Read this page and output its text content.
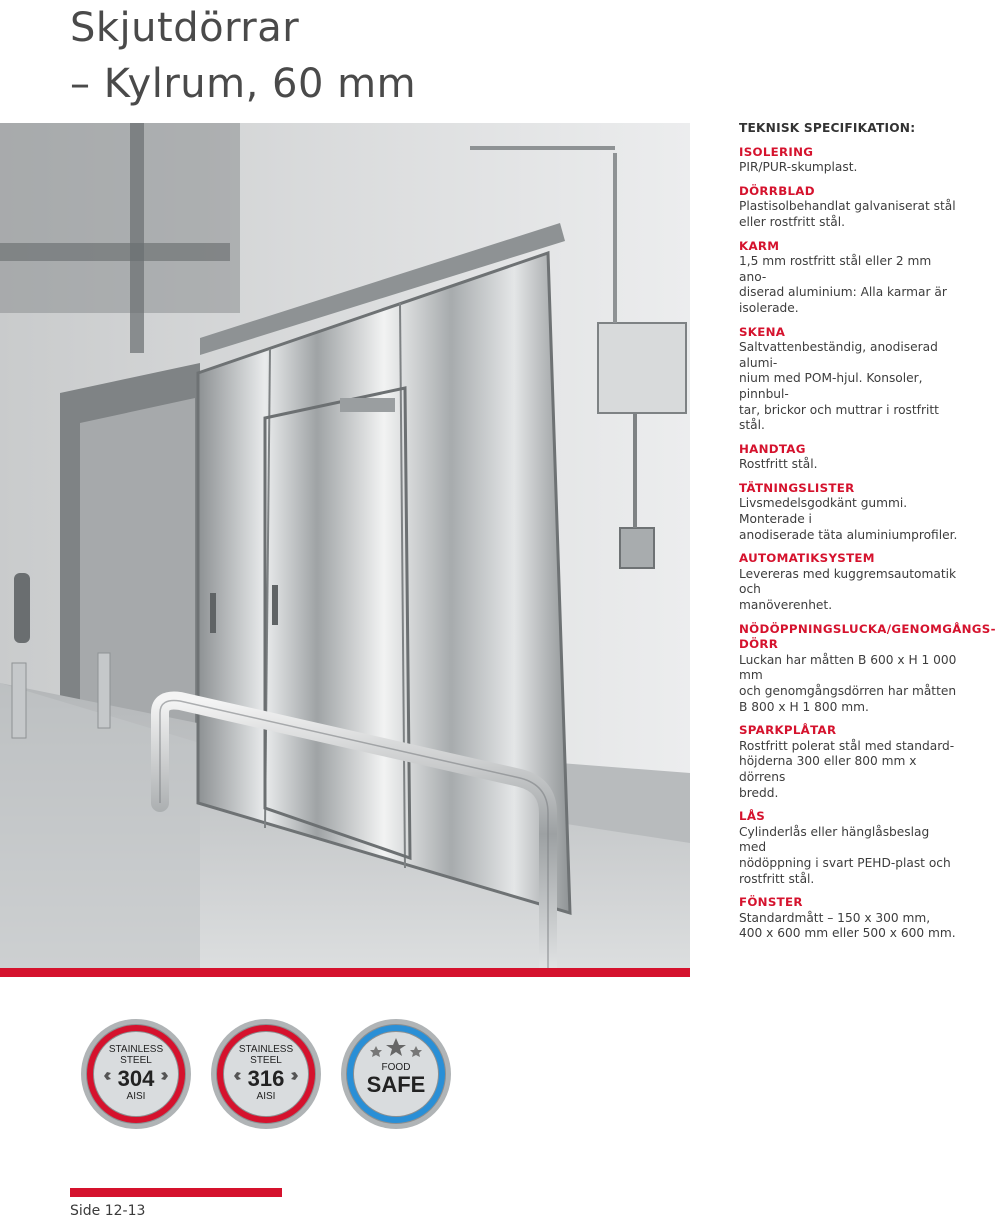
Skjutdörrar
– Kylrum, 60 mm
TEKNISK SPECIFIKATION:
ISOLERING
PIR/PUR-skumplast.
DÖRRBLAD
Plastisolbehandlat galvaniserat stål
eller rostfritt stål.
KARM
1,5 mm rostfritt stål eller 2 mm ano-
diserad aluminium: Alla karmar är
isolerade.
SKENA
Saltvattenbeständig, anodiserad alumi-
nium med POM-hjul. Konsoler, pinnbul-
tar, brickor och muttrar i rostfritt stål.
HANDTAG
Rostfritt stål.
TÄTNINGSLISTER
Livsmedelsgodkänt gummi. Monterade i
anodiserade täta aluminiumprofiler.
AUTOMATIKSYSTEM
Levereras med kuggremsautomatik och
manöverenhet.
NÖDÖPPNINGSLUCKA/GENOMGÅNGS-
DÖRR
Luckan har måtten B 600 x H 1 000 mm
och genomgångsdörren har måtten
B 800 x H 1 800 mm.
SPARKPLÅTAR
Rostfritt polerat stål med standard-
höjderna 300 eller 800 mm x dörrens
bredd.
LÅS
Cylinderlås eller hänglåsbeslag med
nödöppning i svart PEHD-plast och
rostfritt stål.
FÖNSTER
Standardmått – 150 x 300 mm,
400 x 600 mm eller 500 x 600 mm.
STAINLESS
STEEL
304
AISI
STAINLESS
STEEL
316
AISI
FOOD
SAFE
Side 12-13
